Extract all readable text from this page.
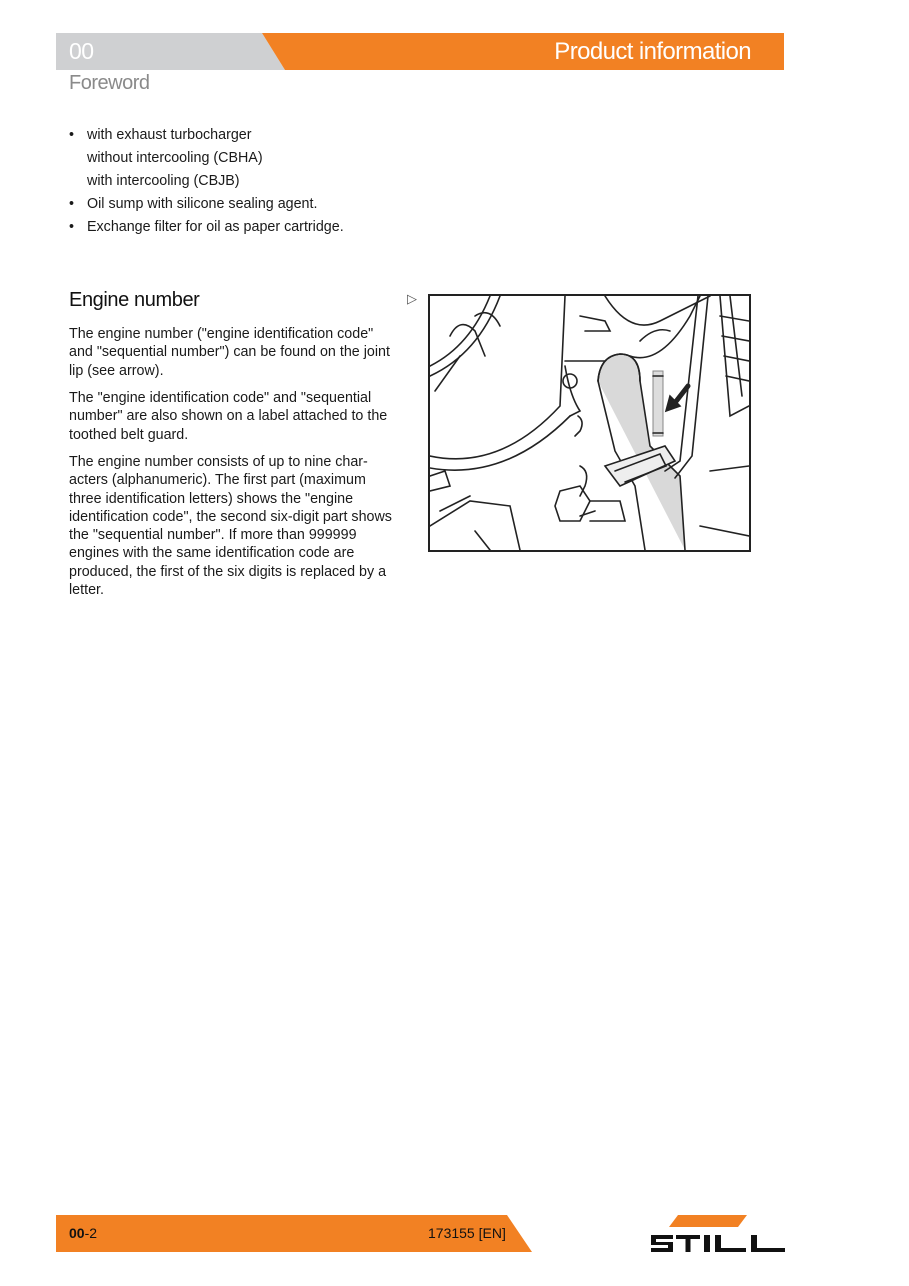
00	Product information
Foreword
• with exhaust turbocharger
without intercooling (CBHA)
with intercooling (CBJB)
• Oil sump with silicone sealing agent.
• Exchange filter for oil as paper cartridge.
Engine number
The engine number ("engine identification code" and "sequential number") can be found on the joint lip (see arrow).
The "engine identification code" and "sequential number" are also shown on a label attached to the toothed belt guard.
The engine number consists of up to nine char-acters (alphanumeric). The first part (maximum three identification letters) shows the "engine identification code", the second six-digit part shows the "sequential number". If more than 999999 engines with the same identification code are produced, the first of the six digits is replaced by a letter.
▷
00-2	173155 [EN]
